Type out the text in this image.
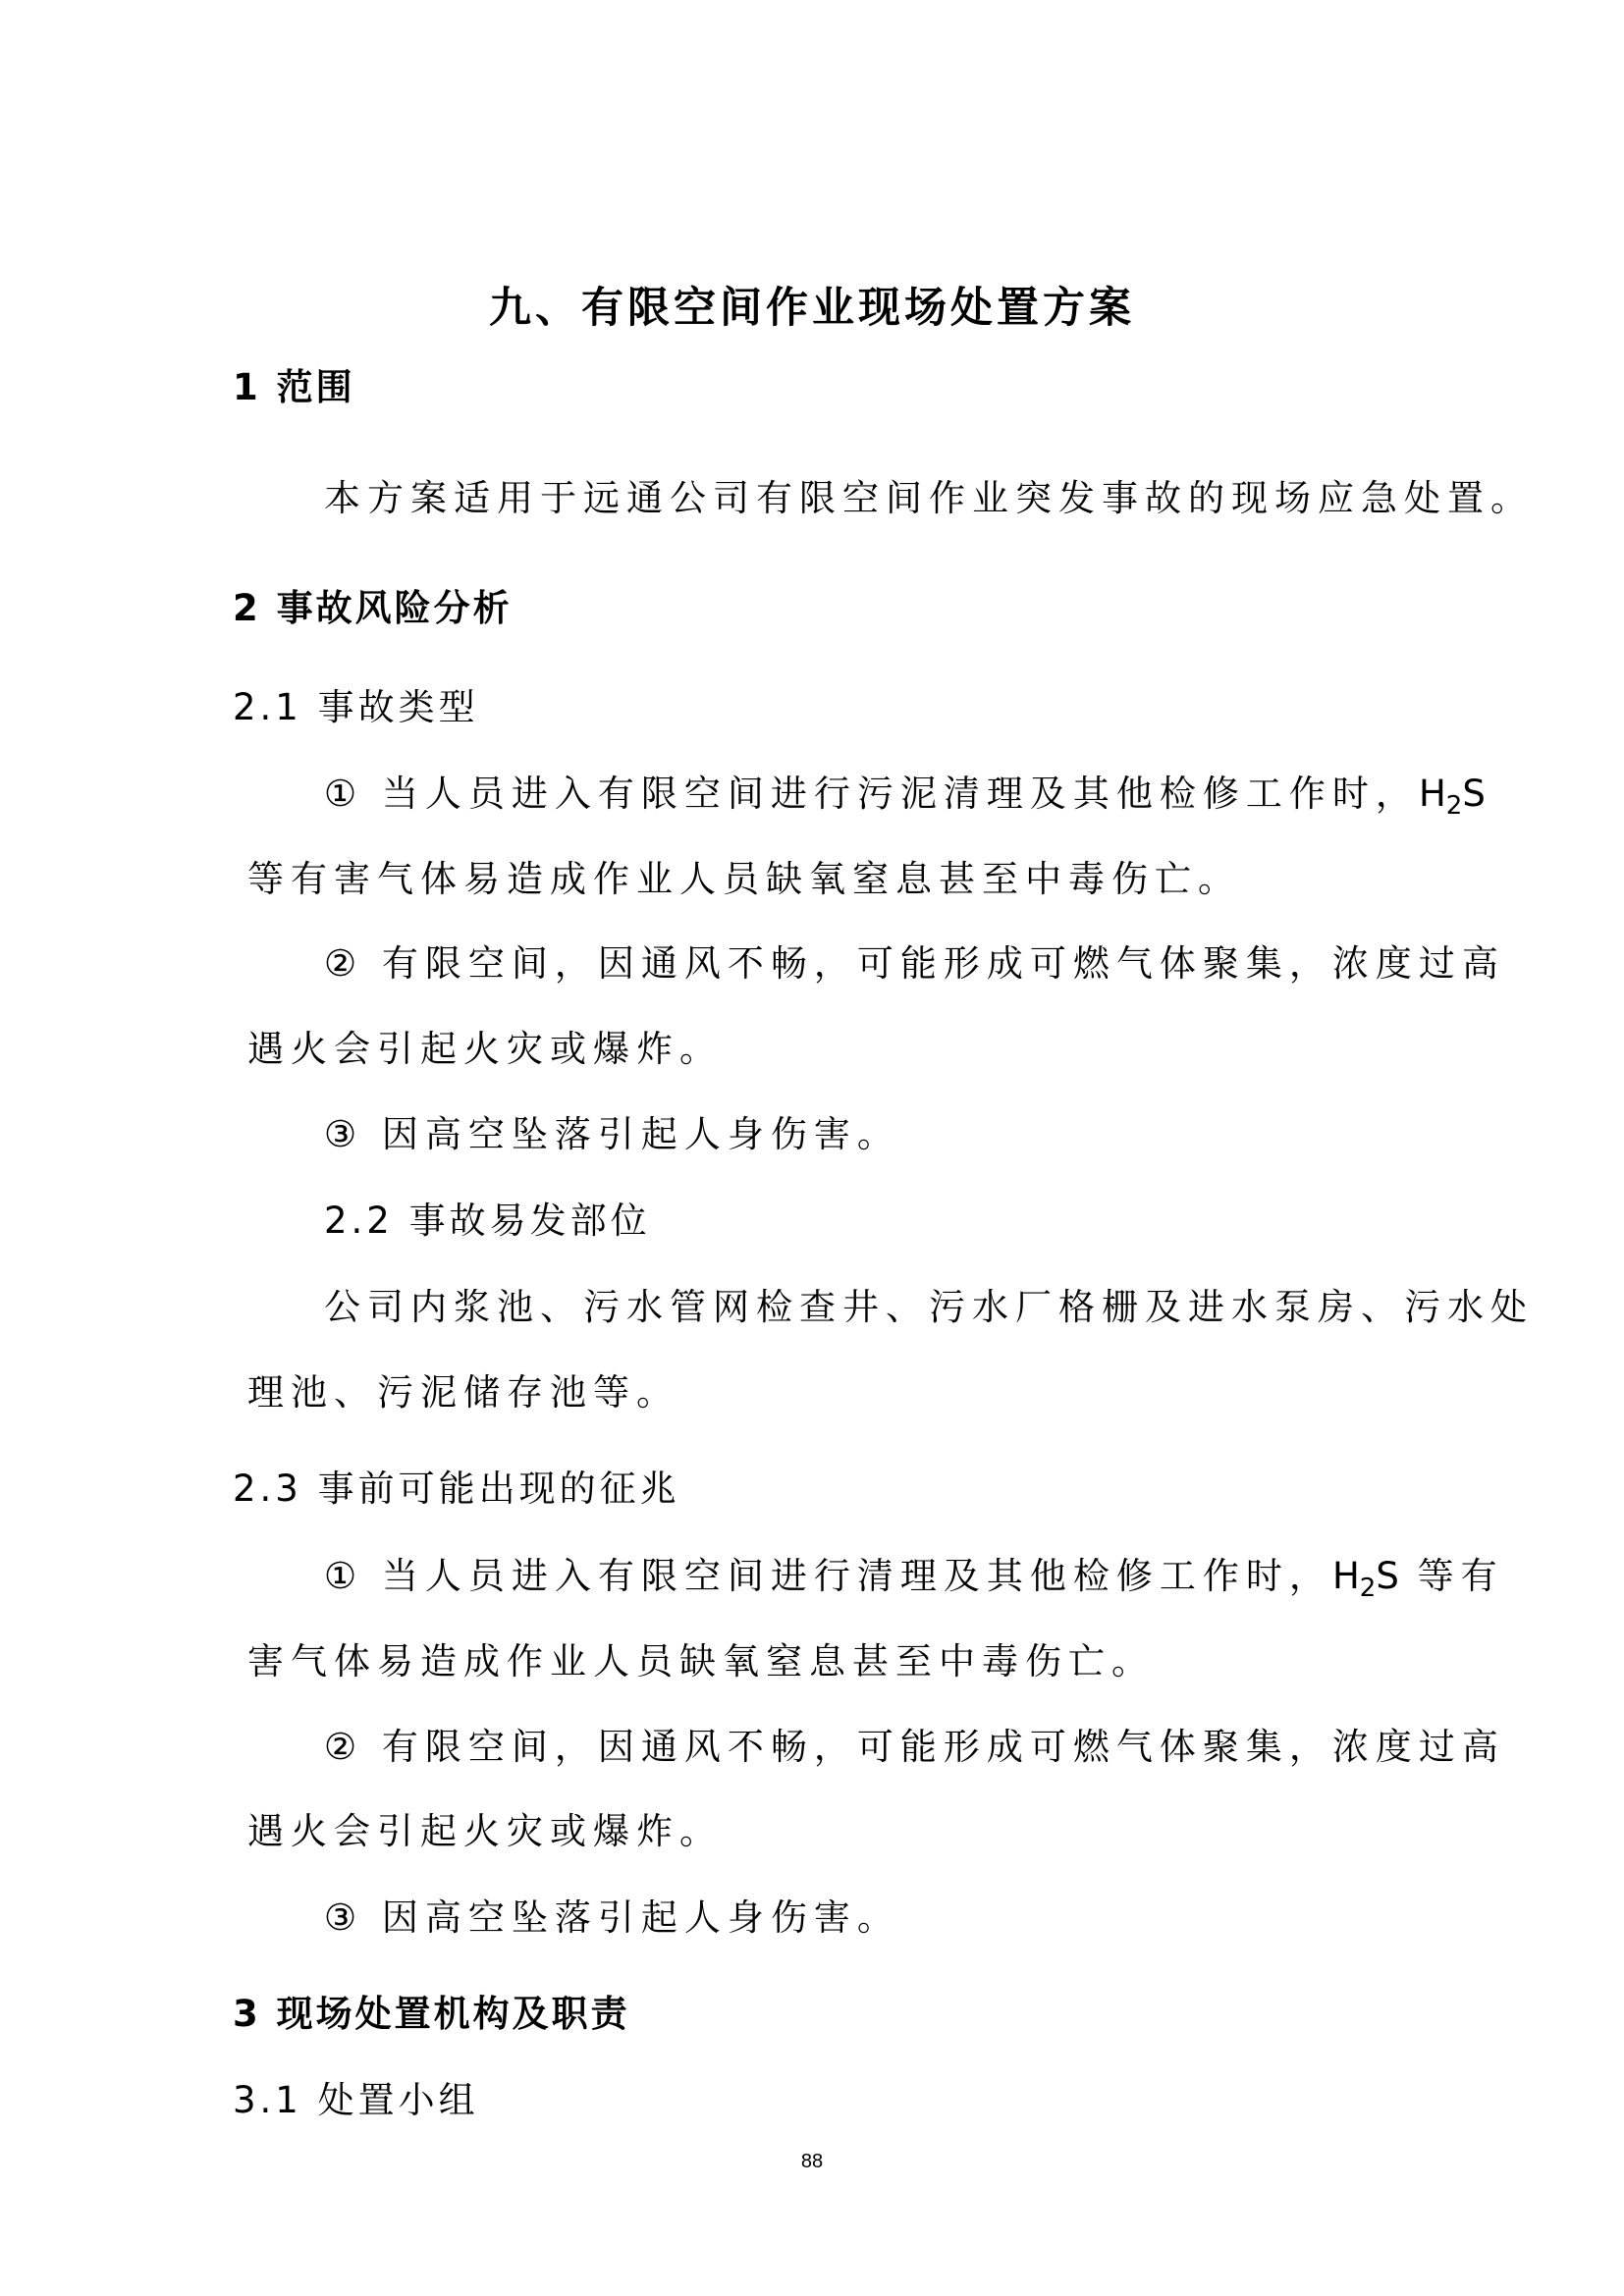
九、有限空间作业现场处置方案
1 范围
本方案适用于远通公司有限空间作业突发事故的现场应急处置。
2 事故风险分析
2.1 事故类型
① 当人员进入有限空间进行污泥清理及其他检修工作时，$H_2S$
等有害气体易造成作业人员缺氧窒息甚至中毒伤亡。
② 有限空间，因通风不畅，可能形成可燃气体聚集，浓度过高
遇火会引起火灾或爆炸。
③ 因高空坠落引起人身伤害。
2.2 事故易发部位
公司内浆池、污水管网检查井、污水厂格栅及进水泵房、污水处
理池、污泥储存池等。
2.3 事前可能出现的征兆
① 当人员进入有限空间进行清理及其他检修工作时，$H_2S$ 等有
害气体易造成作业人员缺氧窒息甚至中毒伤亡。
② 有限空间，因通风不畅，可能形成可燃气体聚集，浓度过高
遇火会引起火灾或爆炸。
③ 因高空坠落引起人身伤害。
3 现场处置机构及职责
3.1 处置小组
88
